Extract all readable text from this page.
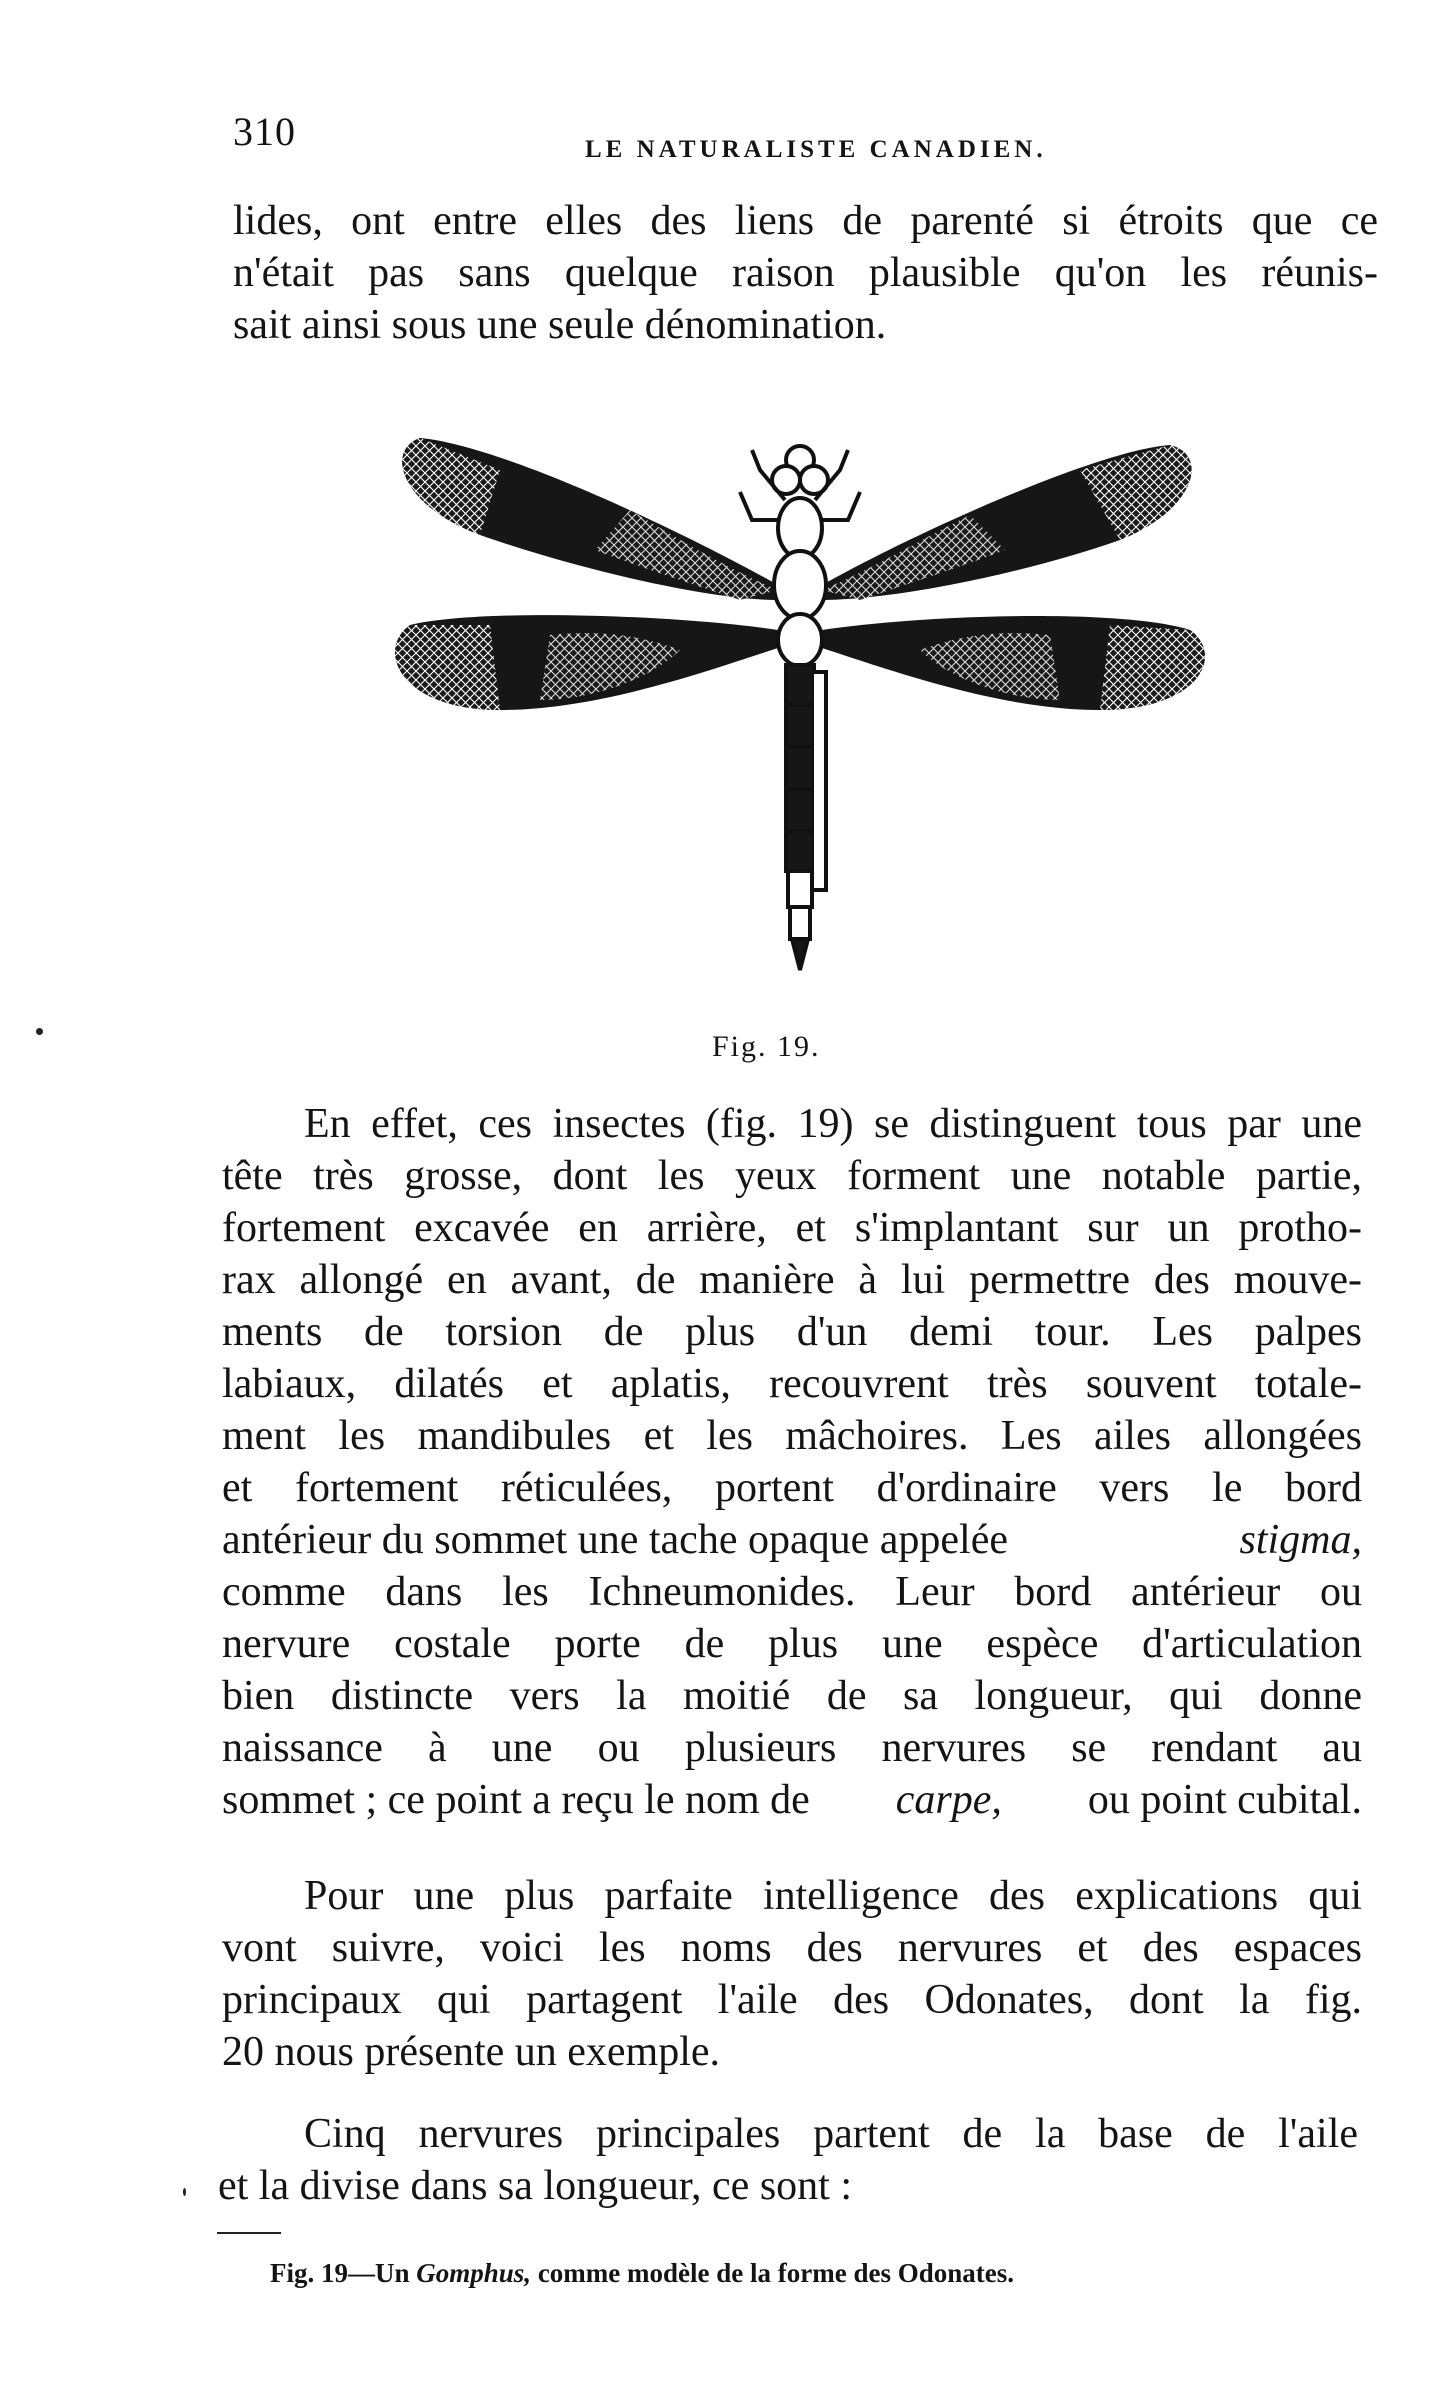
310	LE NATURALISTE CANADIEN.
lides, ont entre elles des liens de parenté si étroits que ce
n'était pas sans quelque raison plausible qu'on les réunis-
sait ainsi sous une seule dénomination.
Fig. 19.
En effet, ces insectes (fig. 19) se distinguent tous par une
tête très grosse, dont les yeux forment une notable partie,
fortement excavée en arrière, et s'implantant sur un protho-
rax allongé en avant, de manière à lui permettre des mouve-
ments de torsion de plus d'un demi tour. Les palpes
labiaux, dilatés et aplatis, recouvrent très souvent totale-
ment les mandibules et les mâchoires. Les ailes allongées
et fortement réticulées, portent d'ordinaire vers le bord
antérieur du sommet une tache opaque appelée	stigma,
comme dans les Ichneumonides. Leur bord antérieur ou
nervure costale porte de plus une espèce d'articulation
bien distincte vers la moitié de sa longueur, qui donne
naissance à une ou plusieurs nervures se rendant au
sommet ; ce point a reçu le nom de carpe, ou point cubital.
Pour une plus parfaite intelligence des explications qui
vont suivre, voici les noms des nervures et des espaces
principaux qui partagent l'aile des Odonates, dont la fig.
20 nous présente un exemple.
Cinq nervures principales partent de la base de l'aile
et la divise dans sa longueur, ce sont :
Fig. 19—Un Gomphus, comme modèle de la forme des Odonates.
